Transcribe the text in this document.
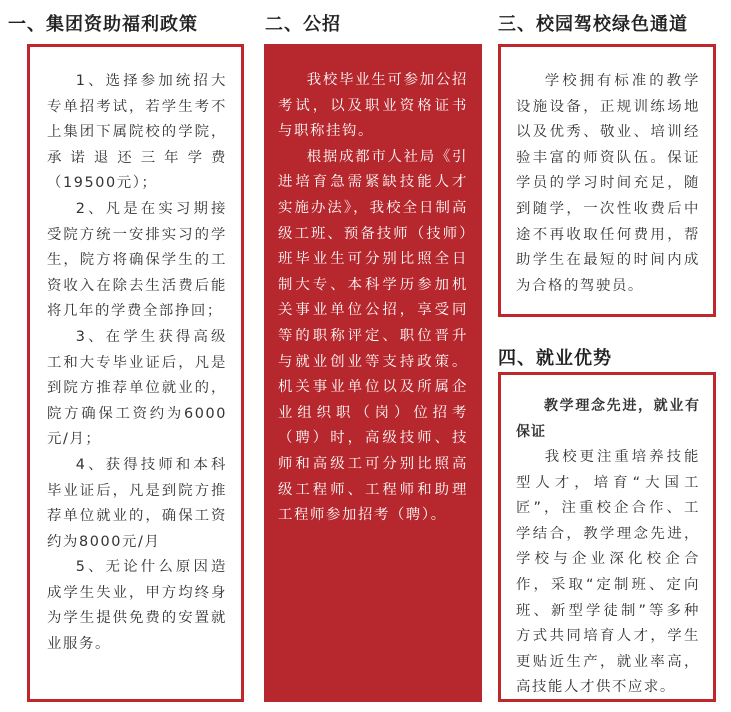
一、集团资助福利政策

1、选择参加统招大专单招考试，若学生考不上集团下属院校的学院，承诺退还三年学费（19500元）；

2、凡是在实习期接受院方统一安排实习的学生，院方将确保学生的工资收入在除去生活费后能将几年的学费全部挣回；

3、在学生获得高级工和大专毕业证后，凡是到院方推荐单位就业的，院方确保工资约为6000元/月；

4、获得技师和本科毕业证后，凡是到院方推荐单位就业的，确保工资约为8000元/月

5、无论什么原因造成学生失业，甲方均终身为学生提供免费的安置就业服务。

二、公招

我校毕业生可参加公招考试，以及职业资格证书与职称挂钩。

根据成都市人社局《引进培育急需紧缺技能人才实施办法》，我校全日制高级工班、预备技师（技师）班毕业生可分别比照全日制大专、本科学历参加机关事业单位公招，享受同等的职称评定、职位晋升与就业创业等支持政策。机关事业单位以及所属企业组织职（岗）位招考（聘）时，高级技师、技师和高级工可分别比照高级工程师、工程师和助理工程师参加招考（聘）。

三、校园驾校绿色通道

学校拥有标准的教学设施设备，正规训练场地以及优秀、敬业、培训经验丰富的师资队伍。保证学员的学习时间充足，随到随学，一次性收费后中途不再收取任何费用，帮助学生在最短的时间内成为合格的驾驶员。

四、就业优势
教学理念先进，就业有保证

我校更注重培养技能型人才，培育“大国工匠”，注重校企合作、工学结合，教学理念先进，学校与企业深化校企合作，采取“定制班、定向班、新型学徒制”等多种方式共同培育人才，学生更贴近生产，就业率高，高技能人才供不应求。
